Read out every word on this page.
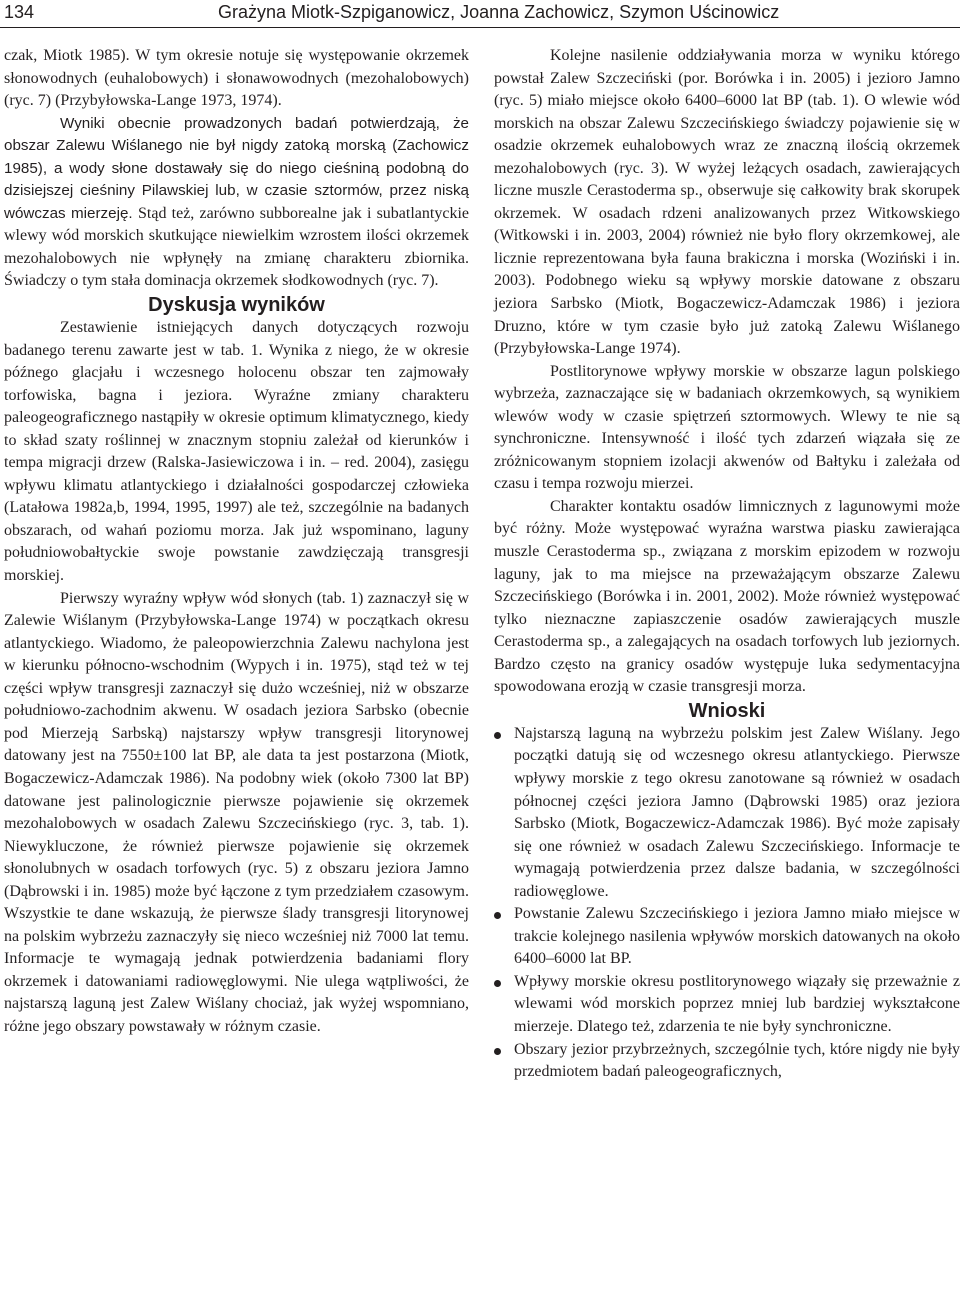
134	Grażyna Miotk-Szpiganowicz, Joanna Zachowicz, Szymon Uścinowicz

czak, Miotk 1985). W tym okresie notuje się występowanie okrzemek słonowodnych (euhalobowych) i słonawowodnych (mezohalobowych) (ryc. 7) (Przybyłowska-Lange 1973, 1974).

Wyniki obecnie prowadzonych badań potwierdzają, że obszar Zalewu Wiślanego nie był nigdy zatoką morską (Zachowicz 1985), a wody słone dostawały się do niego cieśniną podobną do dzisiejszej cieśniny Pilawskiej lub, w czasie sztormów, przez niską wówczas mierzeję. Stąd też, zarówno subborealne jak i subatlantyckie wlewy wód morskich skutkujące niewielkim wzrostem ilości okrzemek mezohalobowych nie wpłynęły na zmianę charakteru zbiornika. Świadczy o tym stała dominacja okrzemek słodkowodnych (ryc. 7).

Dyskusja wyników

Zestawienie istniejących danych dotyczących rozwoju badanego terenu zawarte jest w tab. 1. Wynika z niego, że w okresie późnego glacjału i wczesnego holocenu obszar ten zajmowały torfowiska, bagna i jeziora. Wyraźne zmiany charakteru paleogeograficznego nastąpiły w okresie optimum klimatycznego, kiedy to skład szaty roślinnej w znacznym stopniu zależał od kierunków i tempa migracji drzew (Ralska-Jasiewiczowa i in. – red. 2004), zasięgu wpływu klimatu atlantyckiego i działalności gospodarczej człowieka (Latałowa 1982a,b, 1994, 1995, 1997) ale też, szczególnie na badanych obszarach, od wahań poziomu morza. Jak już wspominano, laguny południowobałtyckie swoje powstanie zawdzięczają transgresji morskiej.

Pierwszy wyraźny wpływ wód słonych (tab. 1) zaznaczył się w Zalewie Wiślanym (Przybyłowska-Lange 1974) w początkach okresu atlantyckiego. Wiadomo, że paleopowierzchnia Zalewu nachylona jest w kierunku północno-wschodnim (Wypych i in. 1975), stąd też w tej części wpływ transgresji zaznaczył się dużo wcześniej, niż w obszarze południowo-zachodnim akwenu. W osadach jeziora Sarbsko (obecnie pod Mierzeją Sarbską) najstarszy wpływ transgresji litorynowej datowany jest na 7550±100 lat BP, ale data ta jest postarzona (Miotk, Bogaczewicz-Adamczak 1986). Na podobny wiek (około 7300 lat BP) datowane jest palinologicznie pierwsze pojawienie się okrzemek mezohalobowych w osadach Zalewu Szczecińskiego (ryc. 3, tab. 1). Niewykluczone, że również pierwsze pojawienie się okrzemek słonolubnych w osadach torfowych (ryc. 5) z obszaru jeziora Jamno (Dąbrowski i in. 1985) może być łączone z tym przedziałem czasowym. Wszystkie te dane wskazują, że pierwsze ślady transgresji litorynowej na polskim wybrzeżu zaznaczyły się nieco wcześniej niż 7000 lat temu. Informacje te wymagają jednak potwierdzenia badaniami flory okrzemek i datowaniami radiowęglowymi. Nie ulega wątpliwości, że najstarszą laguną jest Zalew Wiślany chociaż, jak wyżej wspomniano, różne jego obszary powstawały w różnym czasie.

Kolejne nasilenie oddziaływania morza w wyniku którego powstał Zalew Szczeciński (por. Borówka i in. 2005) i jezioro Jamno (ryc. 5) miało miejsce około 6400–6000 lat BP (tab. 1). O wlewie wód morskich na obszar Zalewu Szczecińskiego świadczy pojawienie się w osadzie okrzemek euhalobowych wraz ze znaczną ilością okrzemek mezohalobowych (ryc. 3). W wyżej leżących osadach, zawierających liczne muszle Cerastoderma sp., obserwuje się całkowity brak skorupek okrzemek. W osadach rdzeni analizowanych przez Witkowskiego (Witkowski i in. 2003, 2004) również nie było flory okrzemkowej, ale licznie reprezentowana była fauna brakiczna i morska (Woziński i in. 2003). Podobnego wieku są wpływy morskie datowane z obszaru jeziora Sarbsko (Miotk, Bogaczewicz-Adamczak 1986) i jeziora Druzno, które w tym czasie było już zatoką Zalewu Wiślanego (Przybyłowska-Lange 1974).

Postlitorynowe wpływy morskie w obszarze lagun polskiego wybrzeża, zaznaczające się w badaniach okrzemkowych, są wynikiem wlewów wody w czasie spiętrzeń sztormowych. Wlewy te nie są synchroniczne. Intensywność i ilość tych zdarzeń wiązała się ze zróżnicowanym stopniem izolacji akwenów od Bałtyku i zależała od czasu i tempa rozwoju mierzei.

Charakter kontaktu osadów limnicznych z lagunowymi może być różny. Może występować wyraźna warstwa piasku zawierająca muszle Cerastoderma sp., związana z morskim epizodem w rozwoju laguny, jak to ma miejsce na przeważającym obszarze Zalewu Szczecińskiego (Borówka i in. 2001, 2002). Może również występować tylko nieznaczne zapiaszczenie osadów zawierających muszle Cerastoderma sp., a zalegających na osadach torfowych lub jeziornych. Bardzo często na granicy osadów występuje luka sedymentacyjna spowodowana erozją w czasie transgresji morza.

Wnioski
Najstarszą laguną na wybrzeżu polskim jest Zalew Wiślany. Jego początki datują się od wczesnego okresu atlantyckiego. Pierwsze wpływy morskie z tego okresu zanotowane są również w osadach północnej części jeziora Jamno (Dąbrowski 1985) oraz jeziora Sarbsko (Miotk, Bogaczewicz-Adamczak 1986). Być może zapisały się one również w osadach Zalewu Szczecińskiego. Informacje te wymagają potwierdzenia przez dalsze badania, w szczególności radiowęglowe.
Powstanie Zalewu Szczecińskiego i jeziora Jamno miało miejsce w trakcie kolejnego nasilenia wpływów morskich datowanych na około 6400–6000 lat BP.
Wpływy morskie okresu postlitorynowego wiązały się przeważnie z wlewami wód morskich poprzez mniej lub bardziej wykształcone mierzeje. Dlatego też, zdarzenia te nie były synchroniczne.
Obszary jezior przybrzeżnych, szczególnie tych, które nigdy nie były przedmiotem badań paleogeograficznych,
